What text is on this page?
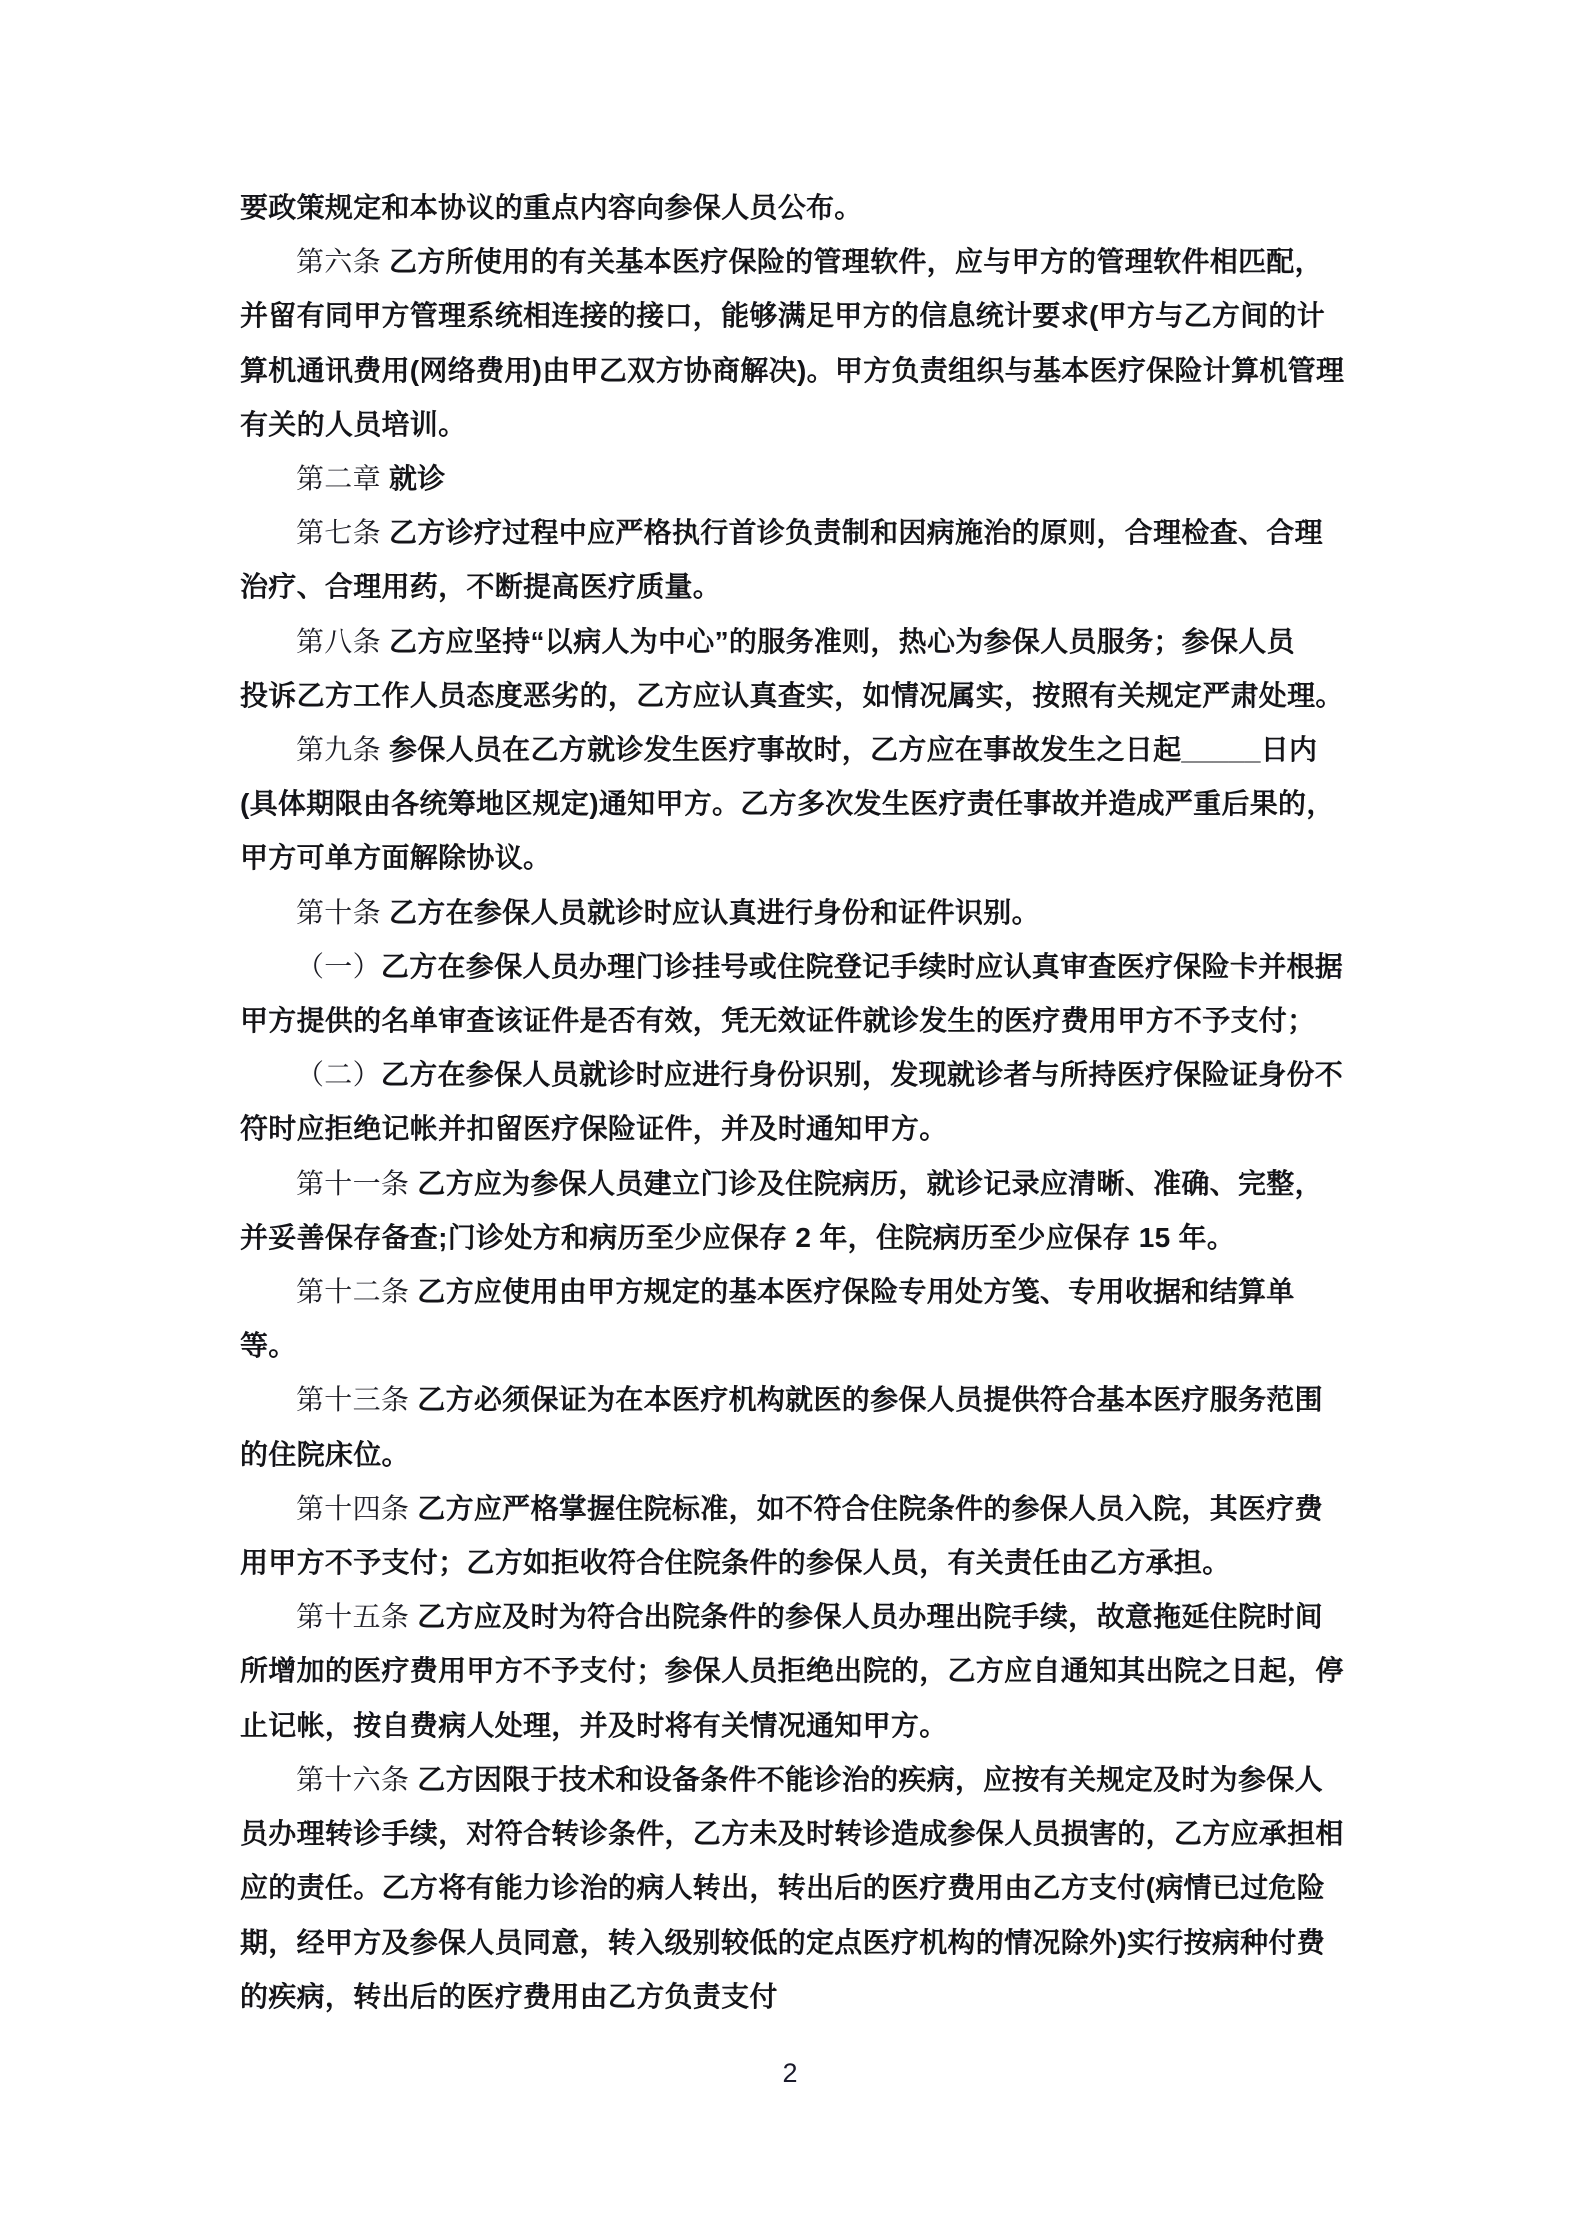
要政策规定和本协议的重点内容向参保人员公布。
第六条 乙方所使用的有关基本医疗保险的管理软件，应与甲方的管理软件相匹配，
并留有同甲方管理系统相连接的接口，能够满足甲方的信息统计要求(甲方与乙方间的计
算机通讯费用(网络费用)由甲乙双方协商解决)。甲方负责组织与基本医疗保险计算机管理
有关的人员培训。
第二章 就诊
第七条 乙方诊疗过程中应严格执行首诊负责制和因病施治的原则，合理检查、合理
治疗、合理用药，不断提高医疗质量。
第八条 乙方应坚持“以病人为中心”的服务准则，热心为参保人员服务；参保人员
投诉乙方工作人员态度恶劣的，乙方应认真查实，如情况属实，按照有关规定严肃处理。
第九条 参保人员在乙方就诊发生医疗事故时，乙方应在事故发生之日起_____日内
(具体期限由各统筹地区规定)通知甲方。乙方多次发生医疗责任事故并造成严重后果的，
甲方可单方面解除协议。
第十条 乙方在参保人员就诊时应认真进行身份和证件识别。
（一）乙方在参保人员办理门诊挂号或住院登记手续时应认真审查医疗保险卡并根据
甲方提供的名单审查该证件是否有效，凭无效证件就诊发生的医疗费用甲方不予支付；
（二）乙方在参保人员就诊时应进行身份识别，发现就诊者与所持医疗保险证身份不
符时应拒绝记帐并扣留医疗保险证件，并及时通知甲方。
第十一条 乙方应为参保人员建立门诊及住院病历，就诊记录应清晰、准确、完整，
并妥善保存备查;门诊处方和病历至少应保存 2 年，住院病历至少应保存 15 年。
第十二条 乙方应使用由甲方规定的基本医疗保险专用处方笺、专用收据和结算单
等。
第十三条 乙方必须保证为在本医疗机构就医的参保人员提供符合基本医疗服务范围
的住院床位。
第十四条 乙方应严格掌握住院标准，如不符合住院条件的参保人员入院，其医疗费
用甲方不予支付；乙方如拒收符合住院条件的参保人员，有关责任由乙方承担。
第十五条 乙方应及时为符合出院条件的参保人员办理出院手续，故意拖延住院时间
所增加的医疗费用甲方不予支付；参保人员拒绝出院的，乙方应自通知其出院之日起，停
止记帐，按自费病人处理，并及时将有关情况通知甲方。
第十六条 乙方因限于技术和设备条件不能诊治的疾病，应按有关规定及时为参保人
员办理转诊手续，对符合转诊条件，乙方未及时转诊造成参保人员损害的，乙方应承担相
应的责任。乙方将有能力诊治的病人转出，转出后的医疗费用由乙方支付(病情已过危险
期，经甲方及参保人员同意，转入级别较低的定点医疗机构的情况除外)实行按病种付费
的疾病，转出后的医疗费用由乙方负责支付
2
